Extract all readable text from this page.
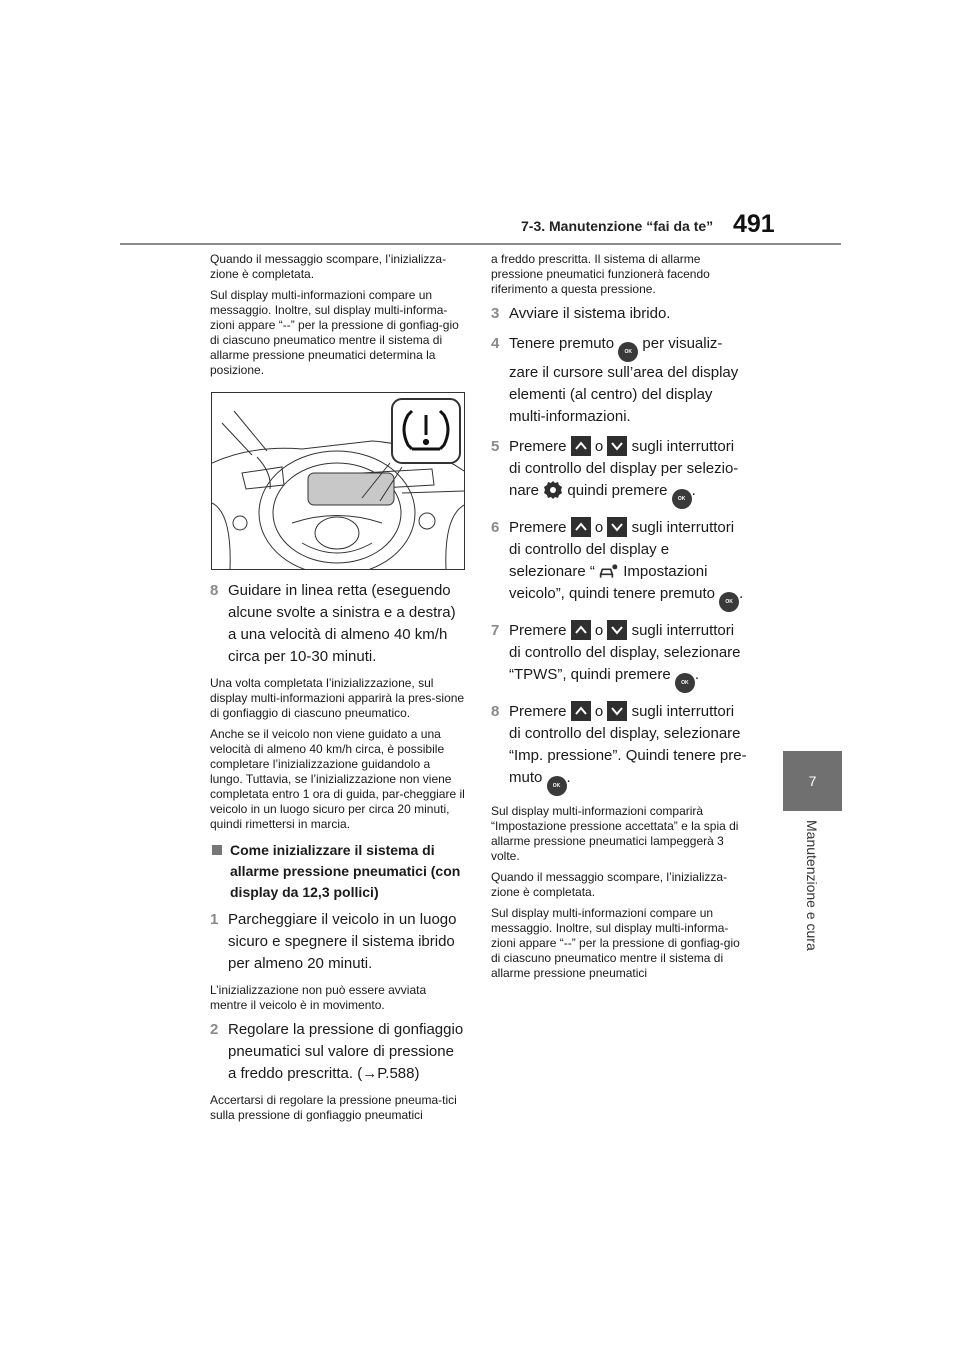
7-3. Manutenzione “fai da te” 491
7
Manutenzione e cura

Quando il messaggio scompare, l’inizializza-zione è completata.

Sul display multi-informazioni compare un messaggio. Inoltre, sul display multi-informa-zioni appare “--” per la pressione di gonfiag-gio di ciascuno pneumatico mentre il sistema di allarme pressione pneumatici determina la posizione.

8 Guidare in linea retta (eseguendo alcune svolte a sinistra e a destra) a una velocità di almeno 40 km/h circa per 10-30 minuti.

Una volta completata l’inizializzazione, sul display multi-informazioni apparirà la pres-sione di gonfiaggio di ciascuno pneumatico.

Anche se il veicolo non viene guidato a una velocità di almeno 40 km/h circa, è possibile completare l’inizializzazione guidandolo a lungo. Tuttavia, se l’inizializzazione non viene completata entro 1 ora di guida, par-cheggiare il veicolo in un luogo sicuro per circa 20 minuti, quindi rimettersi in marcia.

Come inizializzare il sistema di allarme pressione pneumatici (con display da 12,3 pollici)
1 Parcheggiare il veicolo in un luogo sicuro e spegnere il sistema ibrido per almeno 20 minuti.

L’inizializzazione non può essere avviata mentre il veicolo è in movimento.

2 Regolare la pressione di gonfiaggio pneumatici sul valore di pressione a freddo prescritta. (→P.588)

Accertarsi di regolare la pressione pneuma-tici sulla pressione di gonfiaggio pneumatici

a freddo prescritta. Il sistema di allarme pressione pneumatici funzionerà facendo riferimento a questa pressione.

3 Avviare il sistema ibrido.
4 Tenere premuto OK per visualiz-zare il cursore sull’area del display elementi (al centro) del display multi-informazioni.
5 Premere o sugli interruttori di controllo del display per selezio-nare quindi premere OK .
6 Premere o sugli interruttori di controllo del display e selezionare “ Impostazioni veicolo”, quindi tenere premuto OK .
7 Premere o sugli interruttori di controllo del display, selezionare “TPWS”, quindi premere OK .
8 Premere o sugli interruttori di controllo del display, selezionare “Imp. pressione”. Quindi tenere pre-muto OK .

Sul display multi-informazioni comparirà “Impostazione pressione accettata” e la spia di allarme pressione pneumatici lampeggerà 3 volte.

Quando il messaggio scompare, l’inizializza-zione è completata.

Sul display multi-informazioni compare un messaggio. Inoltre, sul display multi-informa-zioni appare “--” per la pressione di gonfiag-gio di ciascuno pneumatico mentre il sistema di allarme pressione pneumatici
